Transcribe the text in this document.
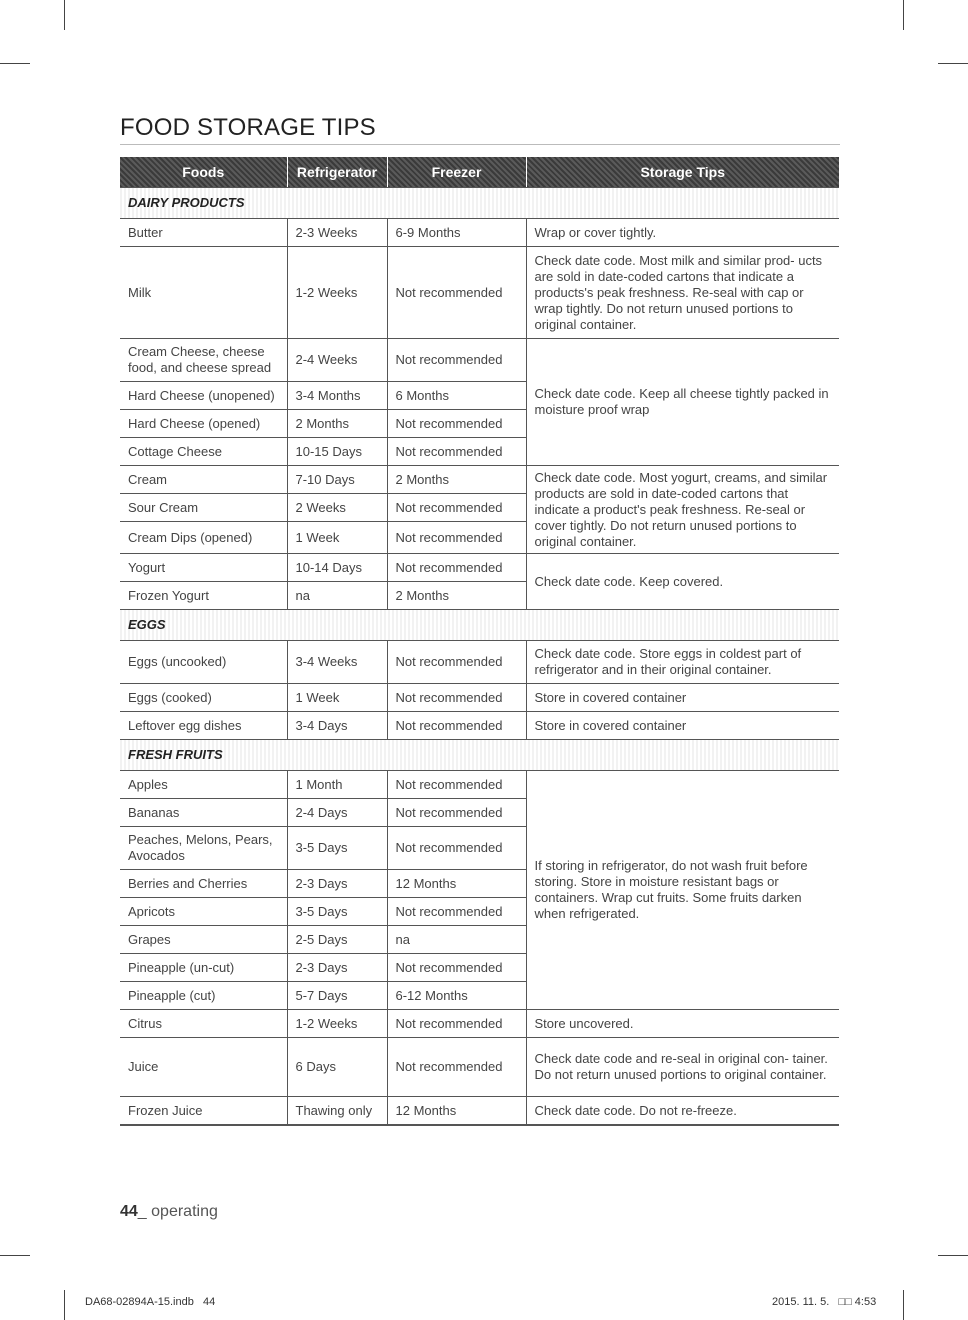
FOOD STORAGE TIPS
Foods	Refrigerator	Freezer	Storage Tips
DAIRY PRODUCTS			
Butter	2-3 Weeks	6-9 Months	Wrap or cover tightly.
Milk	1-2 Weeks	Not recommended	Check date code. Most milk and similar prod- ucts are sold in date-coded cartons that indicate a products's peak freshness. Re-seal with cap or wrap tightly. Do not return unused portions to original container.
Cream Cheese, cheese food, and cheese spread	2-4 Weeks	Not recommended	Check date code. Keep all cheese tightly packed in moisture proof wrap
Hard Cheese (unopened)	3-4 Months	6 Months	
Hard Cheese (opened)	2 Months	Not recommended	
Cottage Cheese	10-15 Days	Not recommended	
Cream	7-10 Days	2 Months	Check date code. Most yogurt, creams, and similar products are sold in date-coded cartons that indicate a product's peak freshness. Re-seal or cover tightly. Do not return unused portions to original container.
Sour Cream	2 Weeks	Not recommended	
Cream Dips (opened)	1 Week	Not recommended	
Yogurt	10-14 Days	Not recommended	Check date code. Keep covered.
Frozen Yogurt	na	2 Months	
EGGS			
Eggs (uncooked)	3-4 Weeks	Not recommended	Check date code. Store eggs in coldest part of refrigerator and in their original container.
Eggs (cooked)	1 Week	Not recommended	Store in covered container
Leftover egg dishes	3-4 Days	Not recommended	Store in covered container
FRESH FRUITS			
Apples	1 Month	Not recommended	If storing in refrigerator, do not wash fruit before storing. Store in moisture resistant bags or containers. Wrap cut fruits. Some fruits darken when refrigerated.
Bananas	2-4 Days	Not recommended	
Peaches, Melons, Pears, Avocados	3-5 Days	Not recommended	
Berries and Cherries	2-3 Days	12 Months	
Apricots	3-5 Days	Not recommended	
Grapes	2-5 Days	na	
Pineapple (un-cut)	2-3 Days	Not recommended	
Pineapple (cut)	5-7 Days	6-12 Months	
Citrus	1-2 Weeks	Not recommended	Store uncovered.
Juice	6 Days	Not recommended	Check date code and re-seal in original con- tainer. Do not return unused portions to original container.
Frozen Juice	Thawing only	12 Months	Check date code. Do not re-freeze.
44_ operating
DA68-02894A-15.indb   44	2015. 11. 5.   □□ 4:53
